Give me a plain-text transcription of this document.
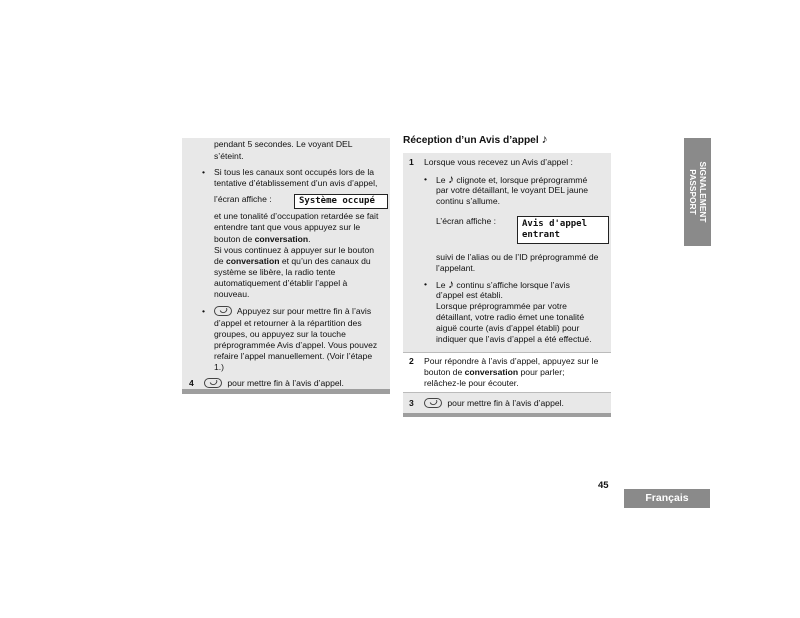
pendant 5 secondes. Le voyant DEL
s’éteint.
• Si tous les canaux sont occupés lors de la
tentative d’établissement d’un avis d’appel,
l’écran affiche :	Système occupé
et une tonalité d’occupation retardée se fait
entendre tant que vous appuyez sur le
bouton de conversation.
Si vous continuez à appuyer sur le bouton
de conversation et qu’un des canaux du
système se libère, la radio tente
automatiquement d’établir l’appel à
nouveau.
•	Appuyez sur pour mettre fin à l’avis
d’appel et retourner à la répartition des
groupes, ou appuyez sur la touche
préprogrammée Avis d’appel. Vous pouvez
refaire l’appel manuellement. (Voir l’étape
1.)
4	pour mettre fin à l’avis d’appel.
Réception d’un Avis d’appel ♪
1 Lorsque vous recevez un Avis d’appel :
• Le ♪ clignote et, lorsque préprogrammé
par votre détaillant, le voyant DEL jaune
continu s’allume.
L’écran affiche :	Avis d'appel
entrant
suivi de l’alias ou de l’ID préprogrammé de
l’appelant.
• Le ♪ continu s’affiche lorsque l’avis
d’appel est établi.
Lorsque préprogrammée par votre
détaillant, votre radio émet une tonalité
aiguë courte (avis d’appel établi) pour
indiquer que l’avis d’appel a été effectué.
2 Pour répondre à l’avis d’appel, appuyez sur le
bouton de conversation pour parler;
relâchez-le pour écouter.
3	pour mettre fin à l’avis d’appel.
SIGNALEMENT
PASSPORT
45
Français
